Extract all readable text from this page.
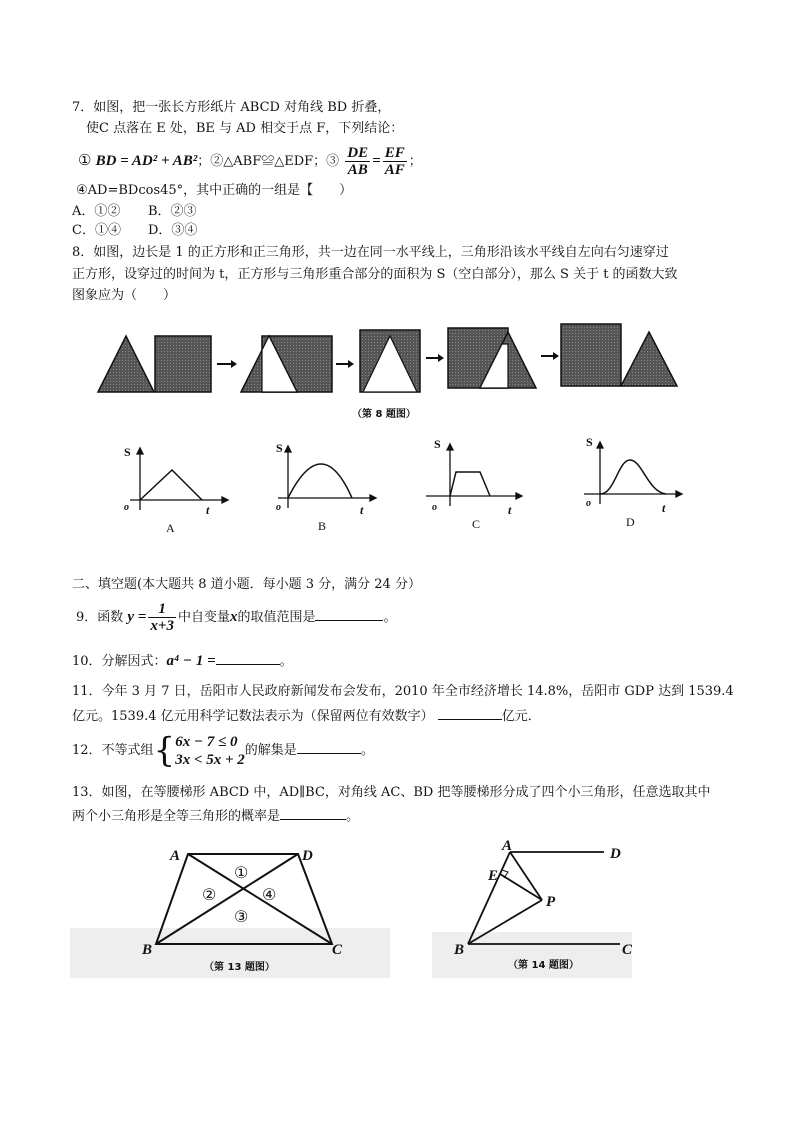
7．如图，把一张长方形纸片 ABCD 对角线 BD 折叠，
使C 点落在 E 处，BE 与 AD 相交于点 F，下列结论：
① BD = AD² + AB²；②△ABF≌△EDF；③ $\frac{DE}{AB} = \frac{EF}{AF}$ ；
④AD=BDcos45°，其中正确的一组是【　　）
A．①② B．②③
C．①④ D．③④
8．如图，边长是 1 的正方形和正三角形，共一边在同一水平线上，三角形沿该水平线自左向右匀速穿过
正方形，设穿过的时间为 t，正方形与三角形重合部分的面积为 S（空白部分），那么 S 关于 t 的函数大致
图象应为（　　）
（第 8 题图）
S
o	t
A
S
o	t
B
S
o	t
C
S
o	t
D
二、填空题(本大题共 8 道小题．每小题 3 分，满分 24 分）
9．函数 $y = \frac{1}{x+3}$ 中自变量x的取值范围是	。
10．分解因式：a⁴ − 1 =	。
11．今年 3 月 7 日，岳阳市人民政府新闻发布会发布，2010 年全市经济增长 14.8%，岳阳市 GDP 达到 1539.4
亿元。1539.4 亿元用科学记数法表示为（保留两位有效数字）	亿元．
12．不等式组{ 6x − 7 ≤ 0
3x < 5x + 2
的解集是	。
13．如图，在等腰梯形 ABCD 中，AD∥BC，对角线 AC、BD 把等腰梯形分成了四个小三角形，任意选取其中
两个小三角形是全等三角形的概率是	。
A	D
B	C
①
②	④
③
（第 13 题图）
A	D
E
P
B	C
（第 14 题图）
